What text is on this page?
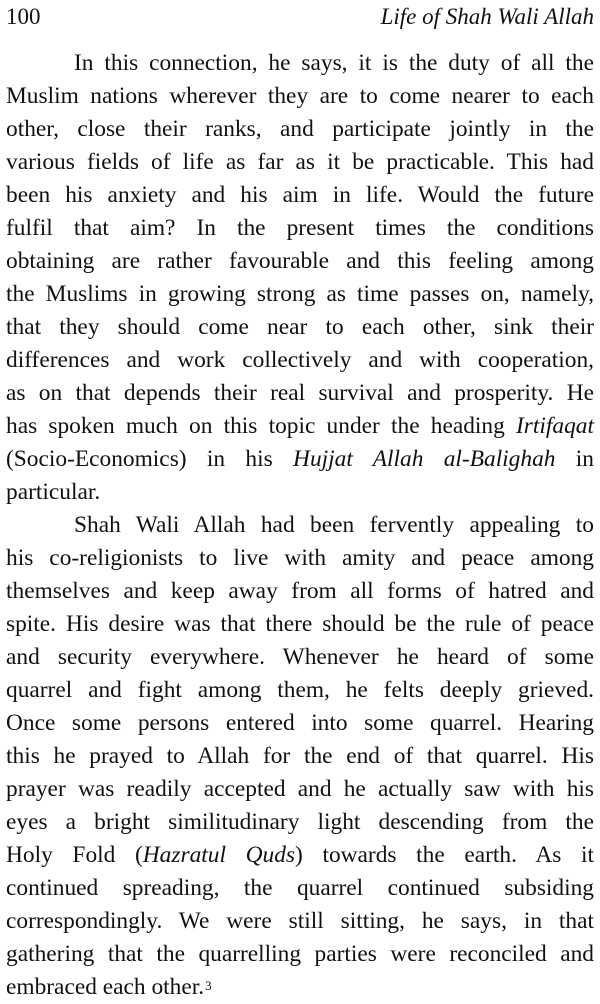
100	Life of Shah Wali Allah
In this connection, he says, it is the duty of all the
Muslim nations wherever they are to come nearer to each
other, close their ranks, and participate jointly in the
various fields of life as far as it be practicable. This had
been his anxiety and his aim in life. Would the future
fulfil that aim? In the present times the conditions
obtaining are rather favourable and this feeling among
the Muslims in growing strong as time passes on, namely,
that they should come near to each other, sink their
differences and work collectively and with cooperation,
as on that depends their real survival and prosperity. He
has spoken much on this topic under the heading Irtifaqat
(Socio-Economics) in his Hujjat Allah al-Balighah in
particular.
Shah Wali Allah had been fervently appealing to
his co-religionists to live with amity and peace among
themselves and keep away from all forms of hatred and
spite. His desire was that there should be the rule of peace
and security everywhere. Whenever he heard of some
quarrel and fight among them, he felts deeply grieved.
Once some persons entered into some quarrel. Hearing
this he prayed to Allah for the end of that quarrel. His
prayer was readily accepted and he actually saw with his
eyes a bright similitudinary light descending from the
Holy Fold (Hazratul Quds) towards the earth. As it
continued spreading, the quarrel continued subsiding
correspondingly. We were still sitting, he says, in that
gathering that the quarrelling parties were reconciled and
embraced each other.$^3$
